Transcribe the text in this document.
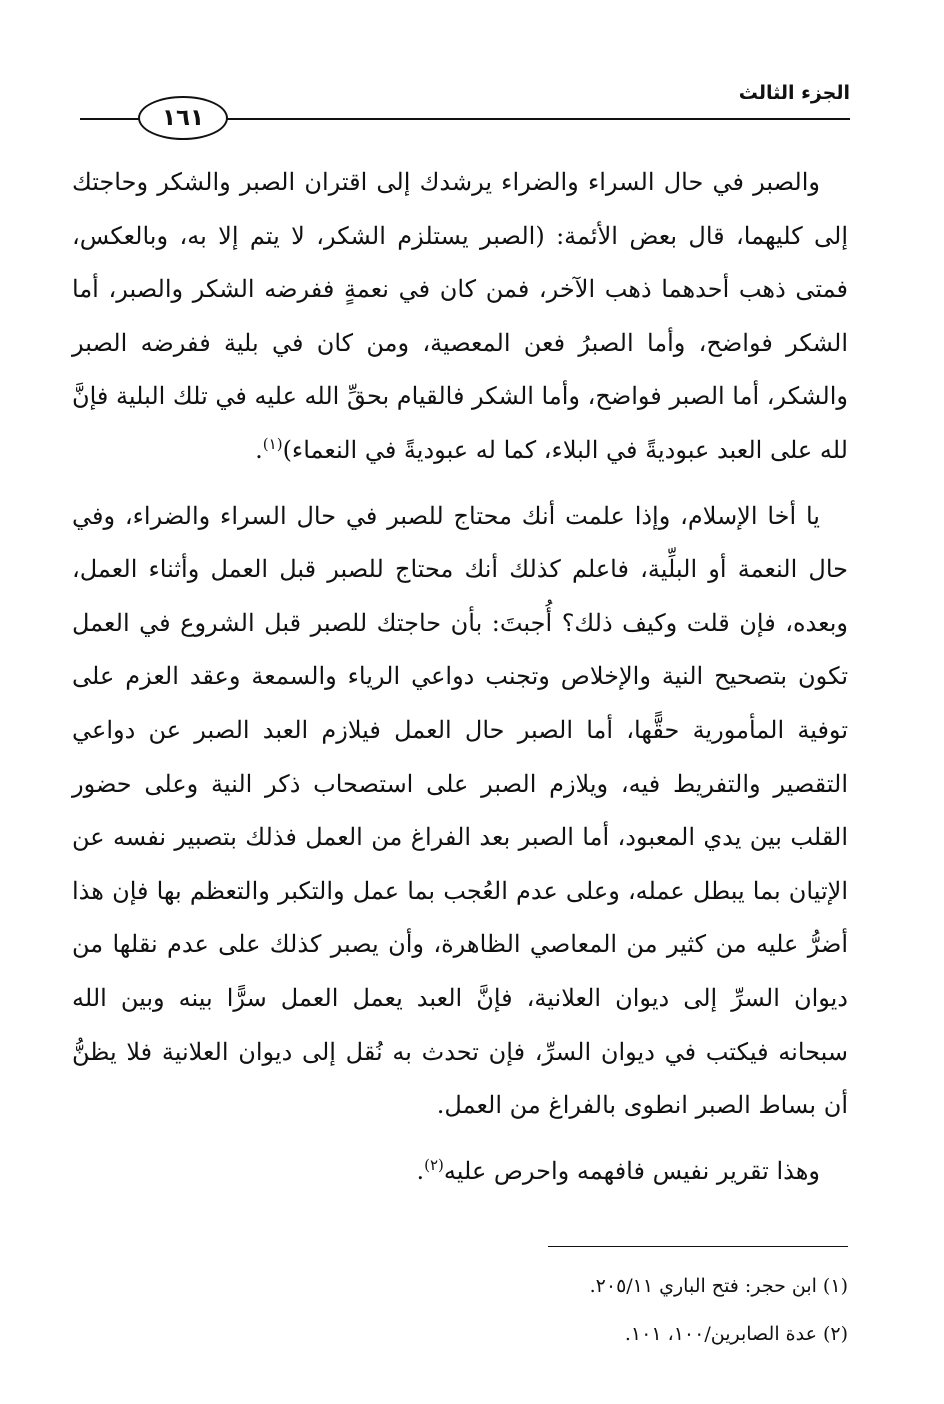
الجزء الثالث
١٦١

والصبر في حال السراء والضراء يرشدك إلى اقتران الصبر والشكر وحاجتك إلى كليهما، قال بعض الأئمة: (الصبر يستلزم الشكر، لا يتم إلا به، وبالعكس، فمتى ذهب أحدهما ذهب الآخر، فمن كان في نعمةٍ ففرضه الشكر والصبر، أما الشكر فواضح، وأما الصبرُ فعن المعصية، ومن كان في بلية ففرضه الصبر والشكر، أما الصبر فواضح، وأما الشكر فالقيام بحقِّ الله عليه في تلك البلية فإنَّ لله على العبد عبوديةً في البلاء، كما له عبوديةً في النعماء)$^{(١)}$.

يا أخا الإسلام، وإذا علمت أنك محتاج للصبر في حال السراء والضراء، وفي حال النعمة أو البلِّية، فاعلم كذلك أنك محتاج للصبر قبل العمل وأثناء العمل، وبعده، فإن قلت وكيف ذلك؟ أُجبتَ: بأن حاجتك للصبر قبل الشروع في العمل تكون بتصحيح النية والإخلاص وتجنب دواعي الرياء والسمعة وعقد العزم على توفية المأمورية حقًّها، أما الصبر حال العمل فيلازم العبد الصبر عن دواعي التقصير والتفريط فيه، ويلازم الصبر على استصحاب ذكر النية وعلى حضور القلب بين يدي المعبود، أما الصبر بعد الفراغ من العمل فذلك بتصبير نفسه عن الإتيان بما يبطل عمله، وعلى عدم العُجب بما عمل والتكبر والتعظم بها فإن هذا أضرُّ عليه من كثير من المعاصي الظاهرة، وأن يصبر كذلك على عدم نقلها من ديوان السرِّ إلى ديوان العلانية، فإنَّ العبد يعمل العمل سرًّا بينه وبين الله سبحانه فيكتب في ديوان السرِّ، فإن تحدث به نُقل إلى ديوان العلانية فلا يظنُّ أن بساط الصبر انطوى بالفراغ من العمل.

وهذا تقرير نفيس فافهمه واحرص عليه$^{(٢)}$.

(١) ابن حجر: فتح الباري ٢٠٥/١١.

(٢) عدة الصابرين/١٠٠، ١٠١.
